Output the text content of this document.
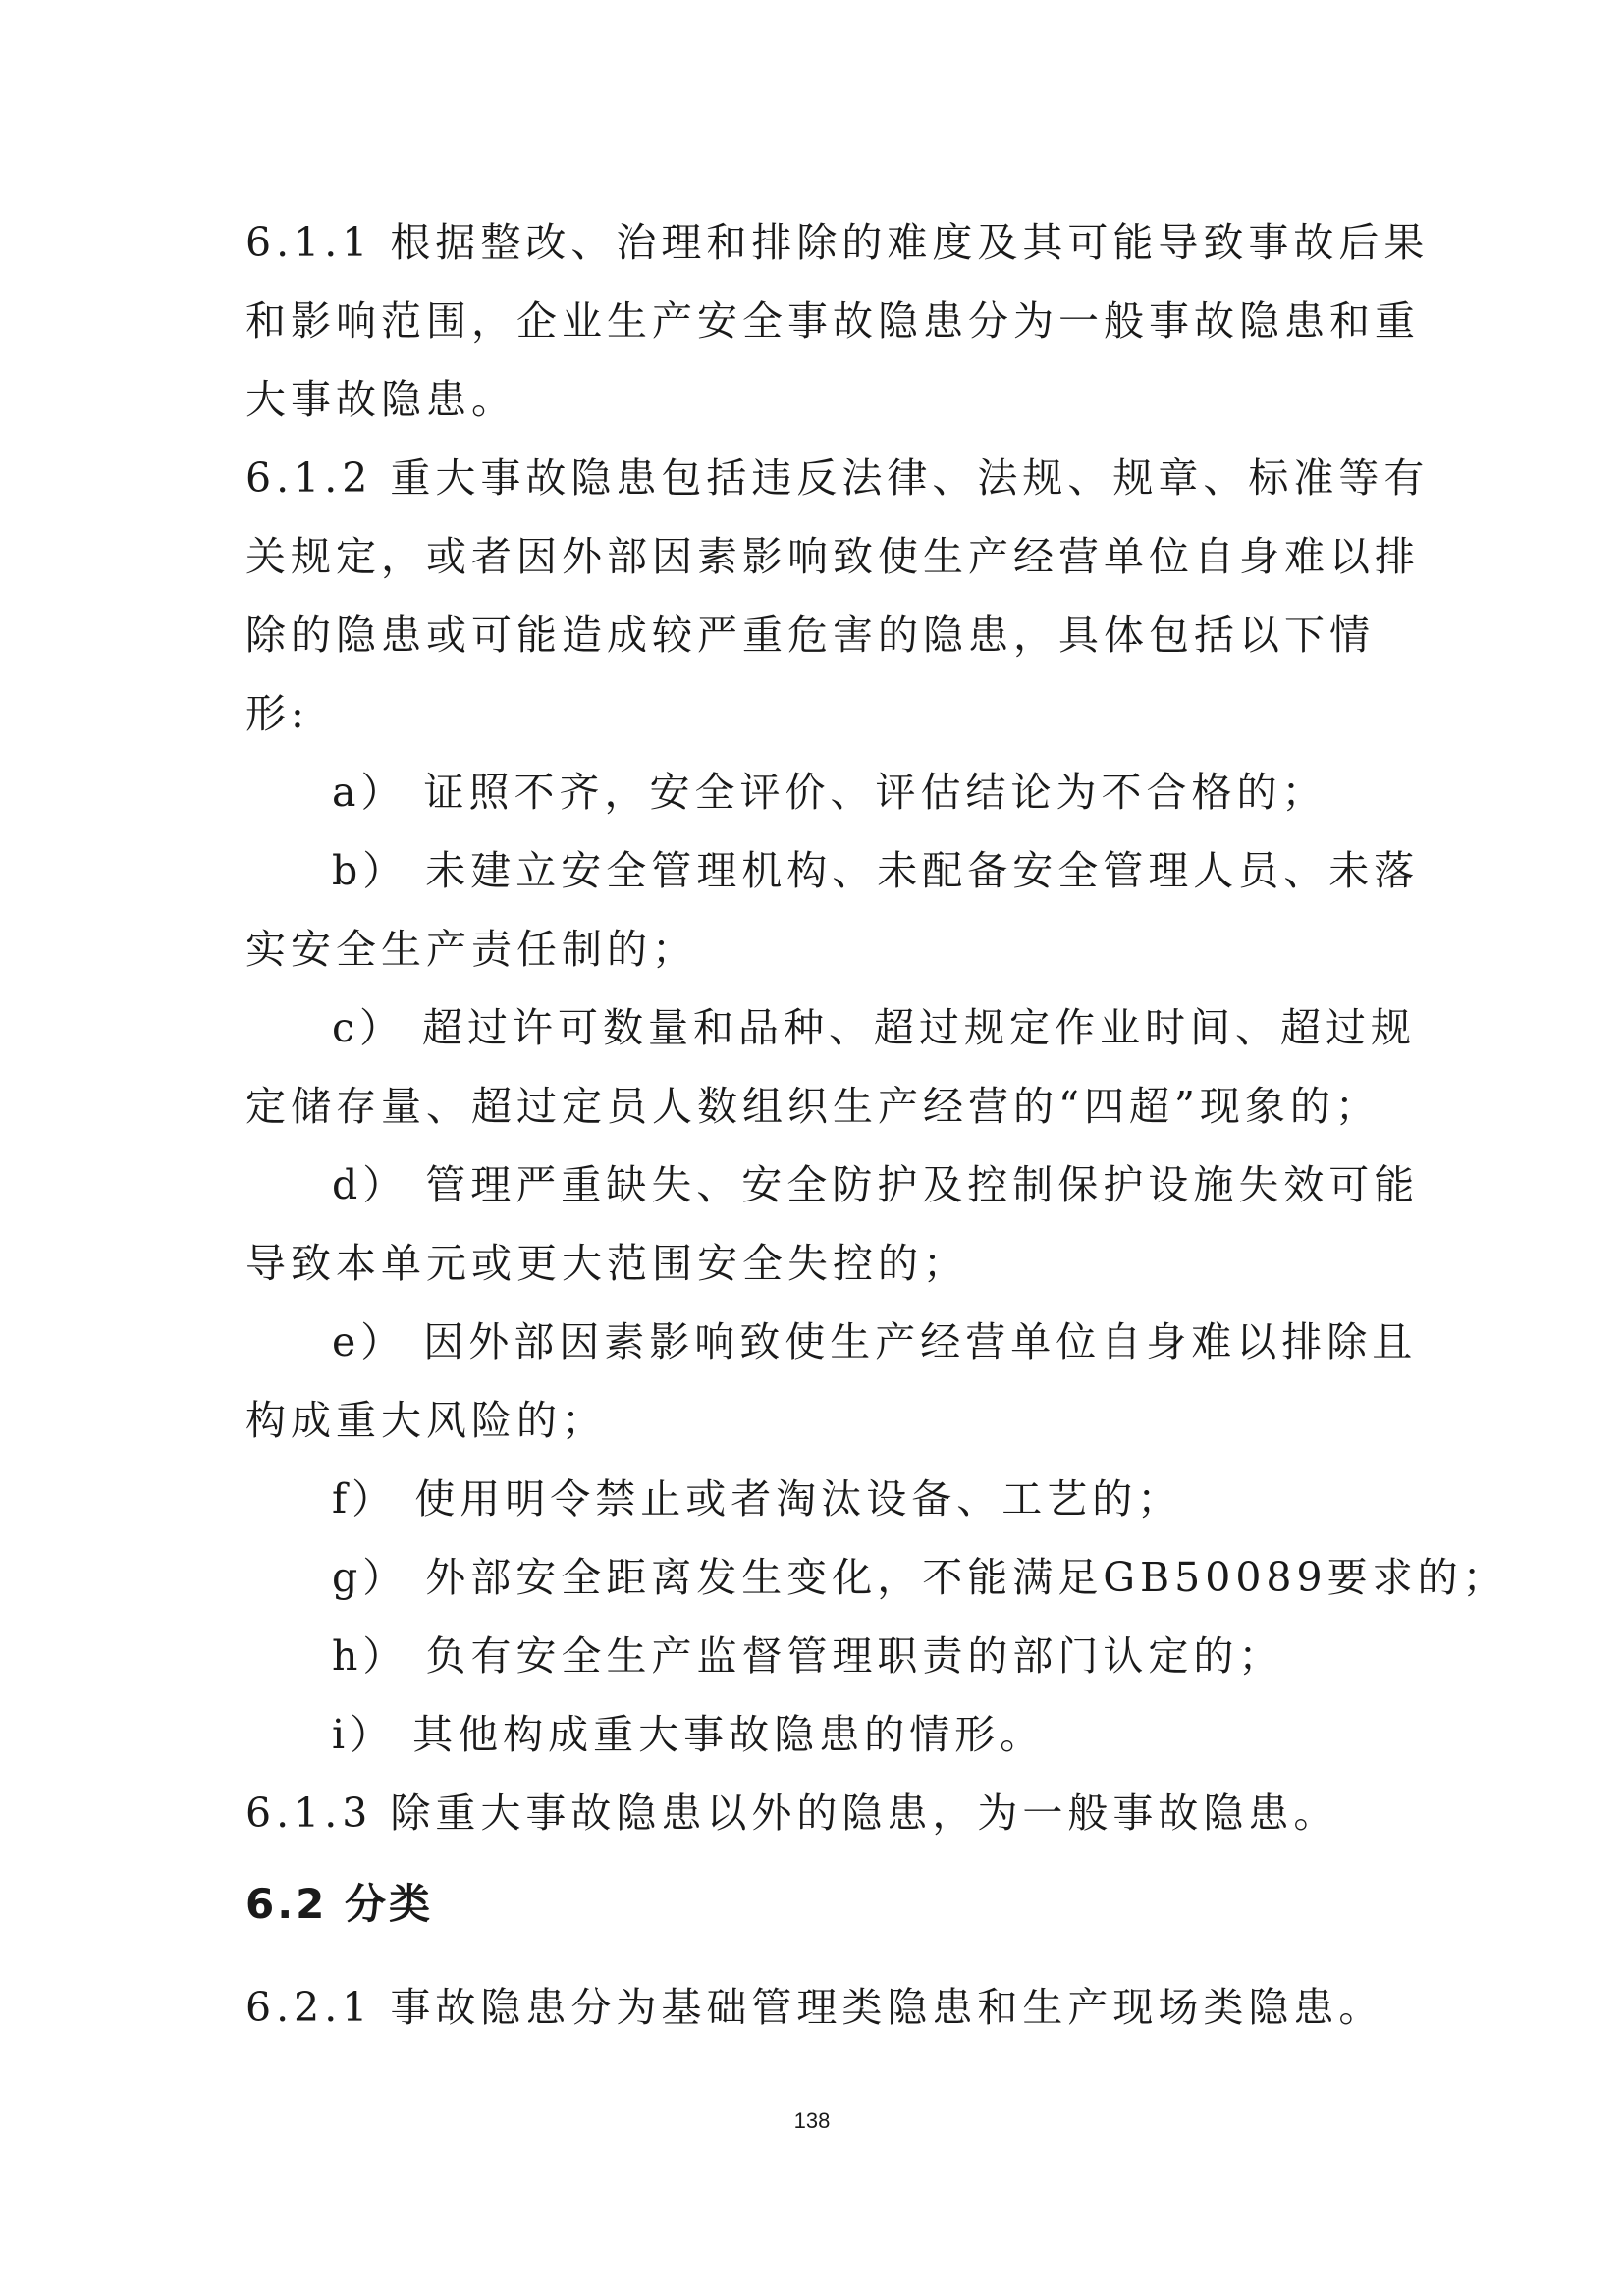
6.1.1 根据整改、治理和排除的难度及其可能导致事故后果
和影响范围，企业生产安全事故隐患分为一般事故隐患和重
大事故隐患。
6.1.2 重大事故隐患包括违反法律、法规、规章、标准等有
关规定，或者因外部因素影响致使生产经营单位自身难以排
除的隐患或可能造成较严重危害的隐患，具体包括以下情
形:
a） 证照不齐，安全评价、评估结论为不合格的；
b） 未建立安全管理机构、未配备安全管理人员、未落
实安全生产责任制的；
c） 超过许可数量和品种、超过规定作业时间、超过规
定储存量、超过定员人数组织生产经营的“四超”现象的；
d） 管理严重缺失、安全防护及控制保护设施失效可能
导致本单元或更大范围安全失控的；
e） 因外部因素影响致使生产经营单位自身难以排除且
构成重大风险的；
f） 使用明令禁止或者淘汰设备、工艺的；
g） 外部安全距离发生变化，不能满足GB50089要求的；
h） 负有安全生产监督管理职责的部门认定的；
i） 其他构成重大事故隐患的情形。
6.1.3 除重大事故隐患以外的隐患，为一般事故隐患。
6.2 分类
6.2.1 事故隐患分为基础管理类隐患和生产现场类隐患。
138
